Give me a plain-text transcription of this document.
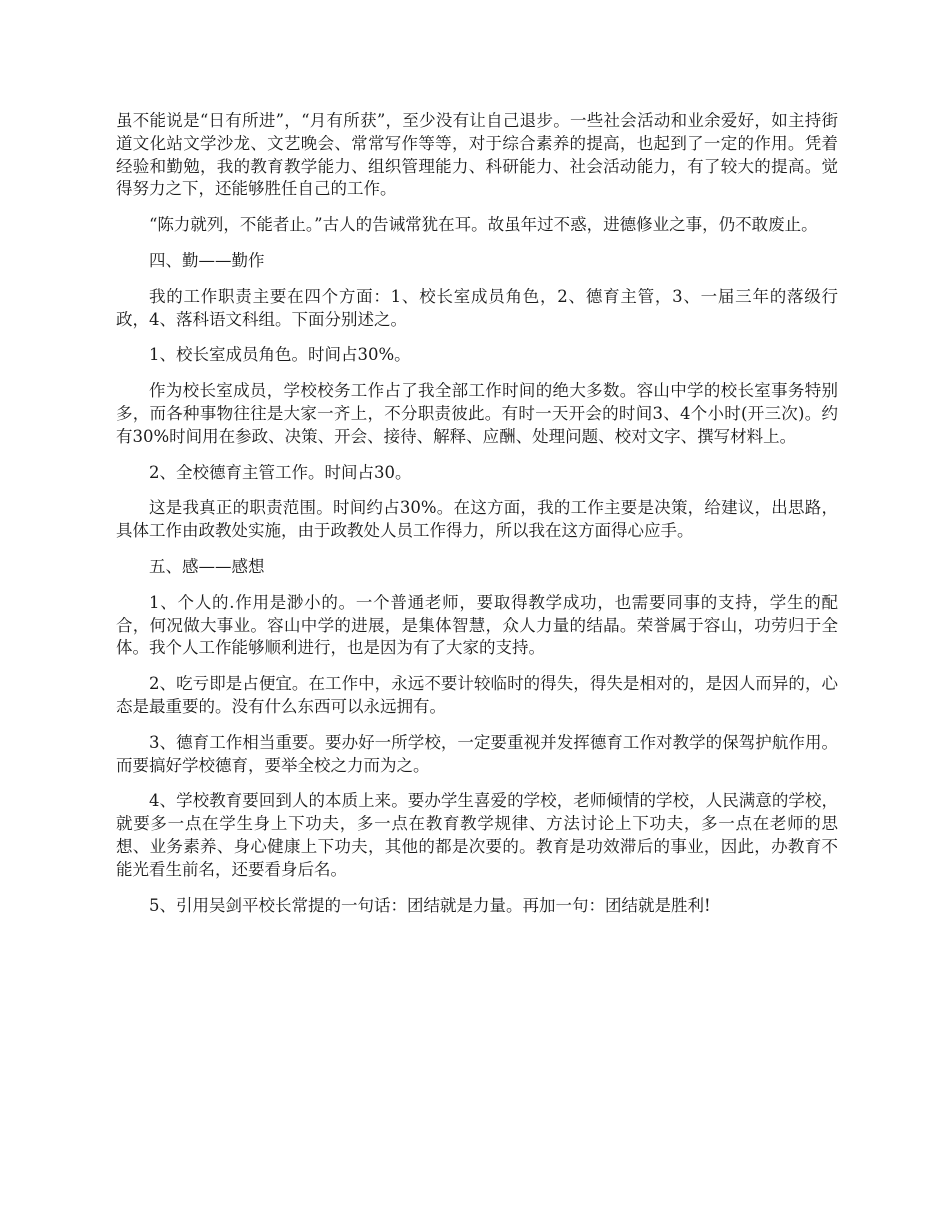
虽不能说是“日有所进”，“月有所获”，至少没有让自己退步。一些社会活动和业余爱好，如主持街道文化站文学沙龙、文艺晚会、常常写作等等，对于综合素养的提高，也起到了一定的作用。凭着经验和勤勉，我的教育教学能力、组织管理能力、科研能力、社会活动能力，有了较大的提高。觉得努力之下，还能够胜任自己的工作。

“陈力就列，不能者止。”古人的告诫常犹在耳。故虽年过不惑，进德修业之事，仍不敢废止。

四、勤——勤作

我的工作职责主要在四个方面：1、校长室成员角色，2、德育主管，3、一届三年的落级行政，4、落科语文科组。下面分别述之。

1、校长室成员角色。时间占30%。

作为校长室成员，学校校务工作占了我全部工作时间的绝大多数。容山中学的校长室事务特别多，而各种事物往往是大家一齐上，不分职责彼此。有时一天开会的时间3、4个小时(开三次)。约有30%时间用在参政、决策、开会、接待、解释、应酬、处理问题、校对文字、撰写材料上。

2、全校德育主管工作。时间占30。

这是我真正的职责范围。时间约占30%。在这方面，我的工作主要是决策，给建议，出思路，具体工作由政教处实施，由于政教处人员工作得力，所以我在这方面得心应手。

五、感——感想

1、个人的.作用是渺小的。一个普通老师，要取得教学成功，也需要同事的支持，学生的配合，何况做大事业。容山中学的进展，是集体智慧，众人力量的结晶。荣誉属于容山，功劳归于全体。我个人工作能够顺利进行，也是因为有了大家的支持。

2、吃亏即是占便宜。在工作中，永远不要计较临时的得失，得失是相对的，是因人而异的，心态是最重要的。没有什么东西可以永远拥有。

3、德育工作相当重要。要办好一所学校，一定要重视并发挥德育工作对教学的保驾护航作用。而要搞好学校德育，要举全校之力而为之。

4、学校教育要回到人的本质上来。要办学生喜爱的学校，老师倾情的学校，人民满意的学校，就要多一点在学生身上下功夫，多一点在教育教学规律、方法讨论上下功夫，多一点在老师的思想、业务素养、身心健康上下功夫，其他的都是次要的。教育是功效滞后的事业，因此，办教育不能光看生前名，还要看身后名。

5、引用吴剑平校长常提的一句话：团结就是力量。再加一句：团结就是胜利!
